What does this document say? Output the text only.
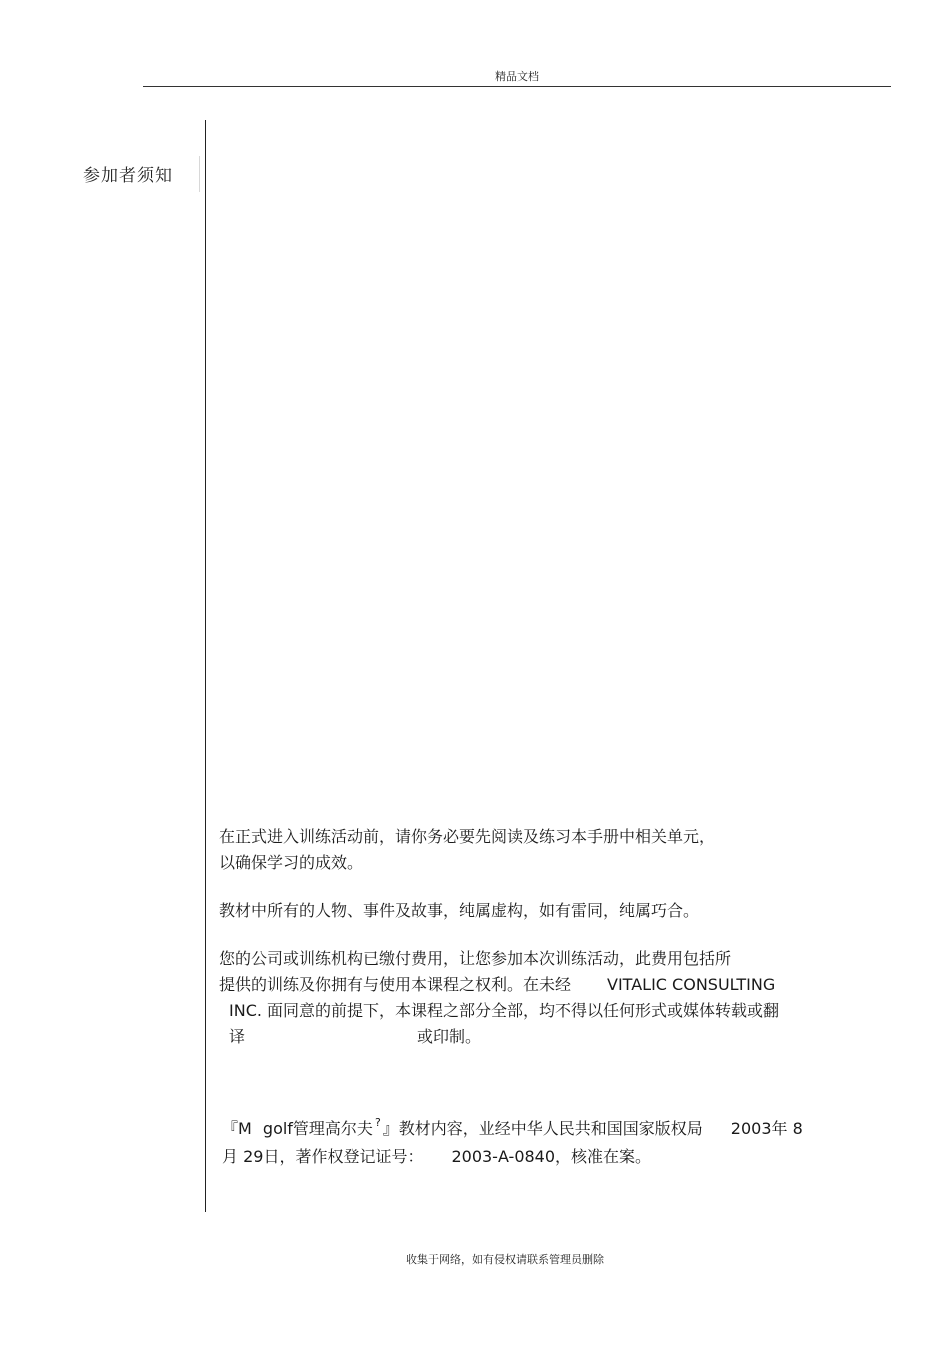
精品文档
参加者须知
在正式进入训练活动前，请你务必要先阅读及练习本手册中相关单元，
以确保学习的成效。
教材中所有的人物、事件及故事，纯属虚构，如有雷同，纯属巧合。
您的公司或训练机构已缴付费用，让您参加本次训练活动，此费用包括所
提供的训练及你拥有与使用本课程之权利。在未经 VITALIC CONSULTING
INC. 面同意的前提下，本课程之部分全部，均不得以任何形式或媒体转载或翻
译	或印制。
『M golf管理高尔夫 ? 』教材内容，业经中华人民共和国国家版权局 2003年 8
月 29日，著作权登记证号： 2003-A-0840，核准在案。
收集于网络，如有侵权请联系管理员删除
